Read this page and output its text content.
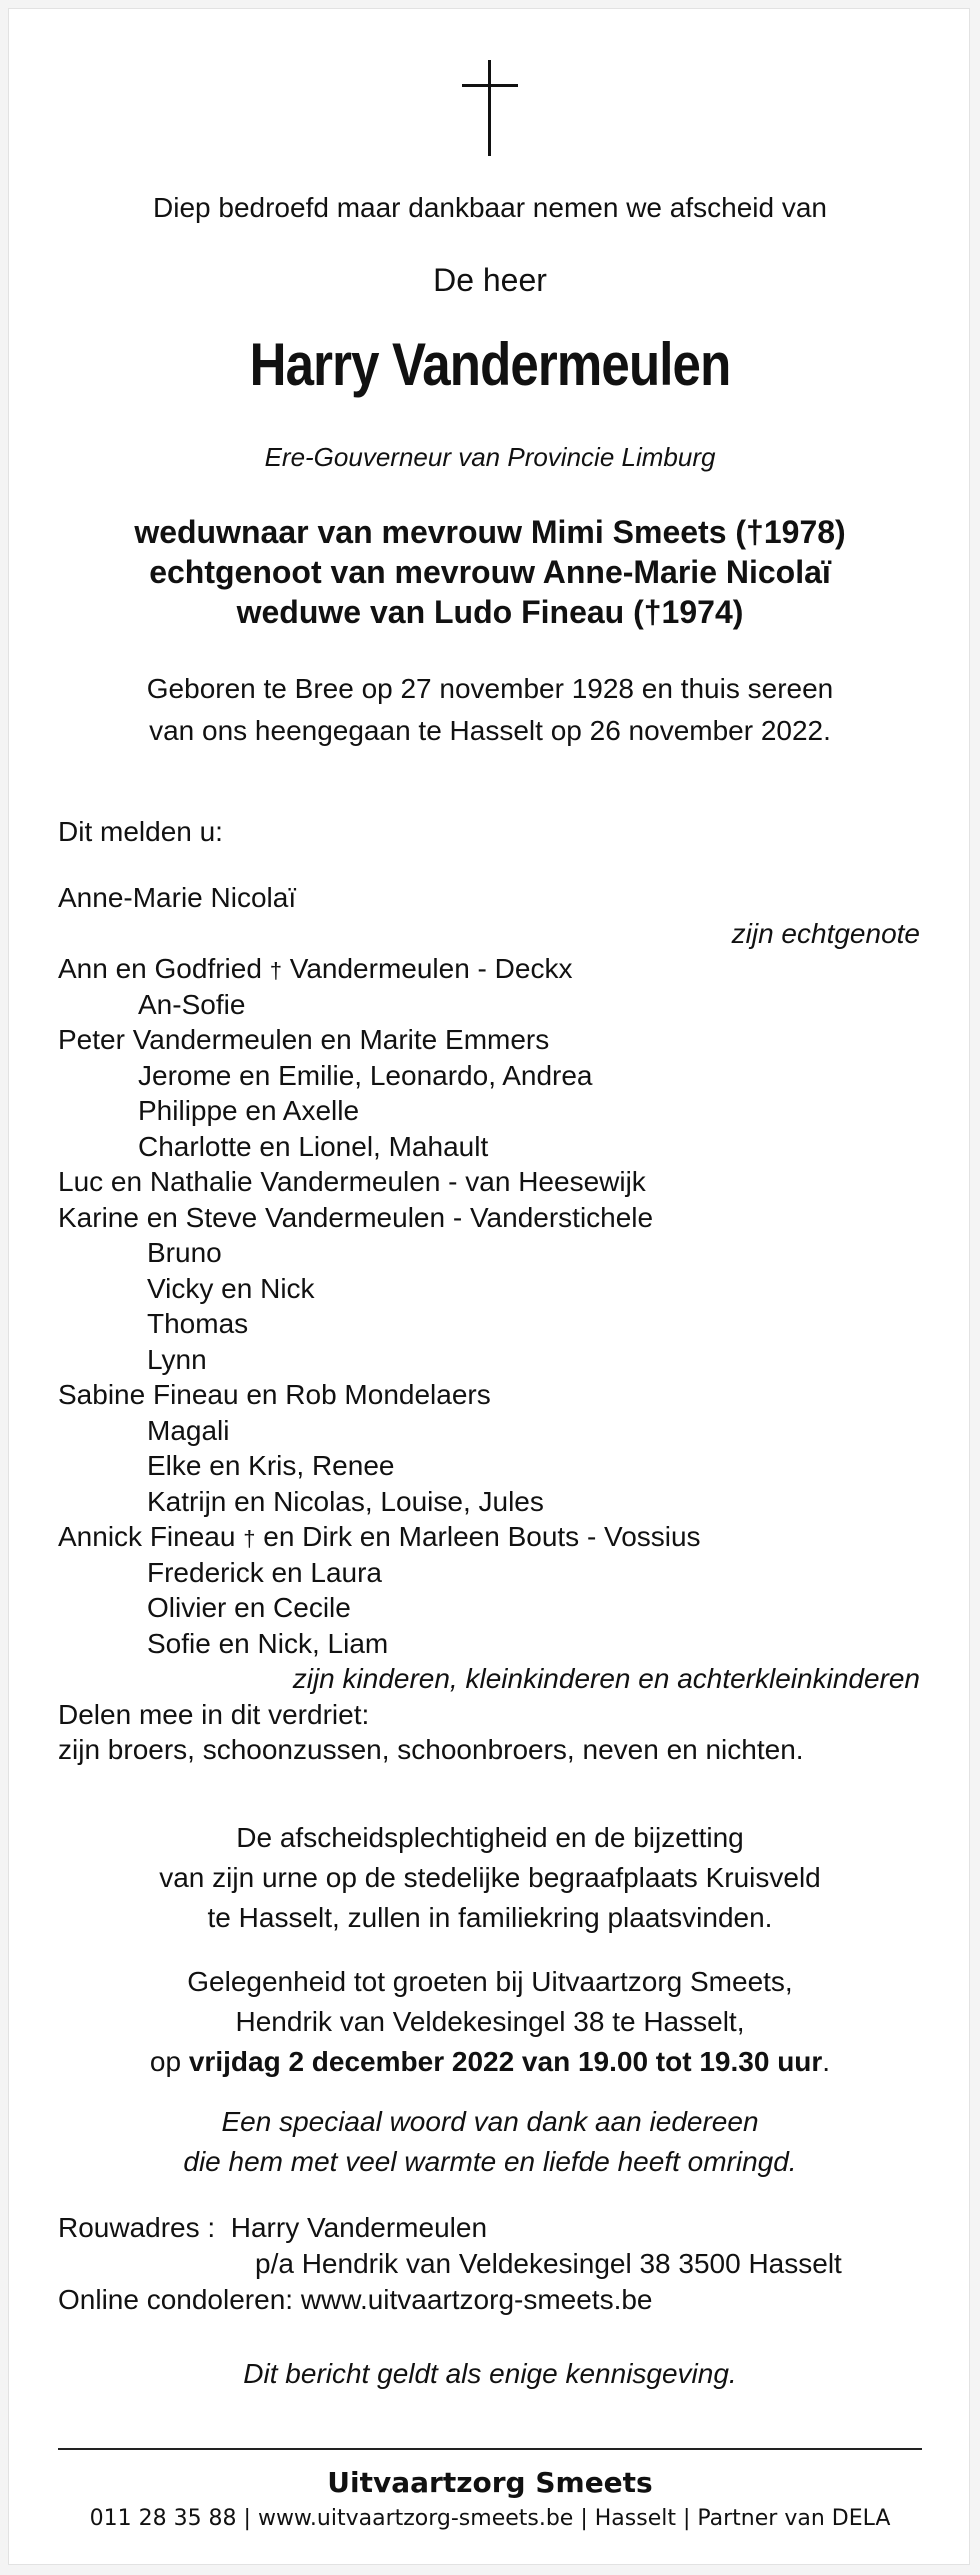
Diep bedroefd maar dankbaar nemen we afscheid van
De heer
Harry Vandermeulen
Ere-Gouverneur van Provincie Limburg
weduwnaar van mevrouw Mimi Smeets (†1978)
echtgenoot van mevrouw Anne-Marie Nicolaï
weduwe van Ludo Fineau (†1974)
Geboren te Bree op 27 november 1928 en thuis sereen
van ons heengegaan te Hasselt op 26 november 2022.
Dit melden u:
Anne-Marie Nicolaï
zijn echtgenote
Ann en Godfried † Vandermeulen - Deckx
An-Sofie
Peter Vandermeulen en Marite Emmers
Jerome en Emilie, Leonardo, Andrea
Philippe en Axelle
Charlotte en Lionel, Mahault
Luc en Nathalie Vandermeulen - van Heesewijk
Karine en Steve Vandermeulen - Vanderstichele
Bruno
Vicky en Nick
Thomas
Lynn
Sabine Fineau en Rob Mondelaers
Magali
Elke en Kris, Renee
Katrijn en Nicolas, Louise, Jules
Annick Fineau † en Dirk en Marleen Bouts - Vossius
Frederick en Laura
Olivier en Cecile
Sofie en Nick, Liam
zijn kinderen, kleinkinderen en achterkleinkinderen
Delen mee in dit verdriet:
zijn broers, schoonzussen, schoonbroers, neven en nichten.
De afscheidsplechtigheid en de bijzetting
van zijn urne op de stedelijke begraafplaats Kruisveld
te Hasselt, zullen in familiekring plaatsvinden.
Gelegenheid tot groeten bij Uitvaartzorg Smeets,
Hendrik van Veldekesingel 38 te Hasselt,
op vrijdag 2 december 2022 van 19.00 tot 19.30 uur.
Een speciaal woord van dank aan iedereen
die hem met veel warmte en liefde heeft omringd.
Rouwadres : Harry Vandermeulen
p/a Hendrik van Veldekesingel 38 3500 Hasselt
Online condoleren: www.uitvaartzorg-smeets.be
Dit bericht geldt als enige kennisgeving.
Uitvaartzorg Smeets
011 28 35 88 | www.uitvaartzorg-smeets.be | Hasselt | Partner van DELA
